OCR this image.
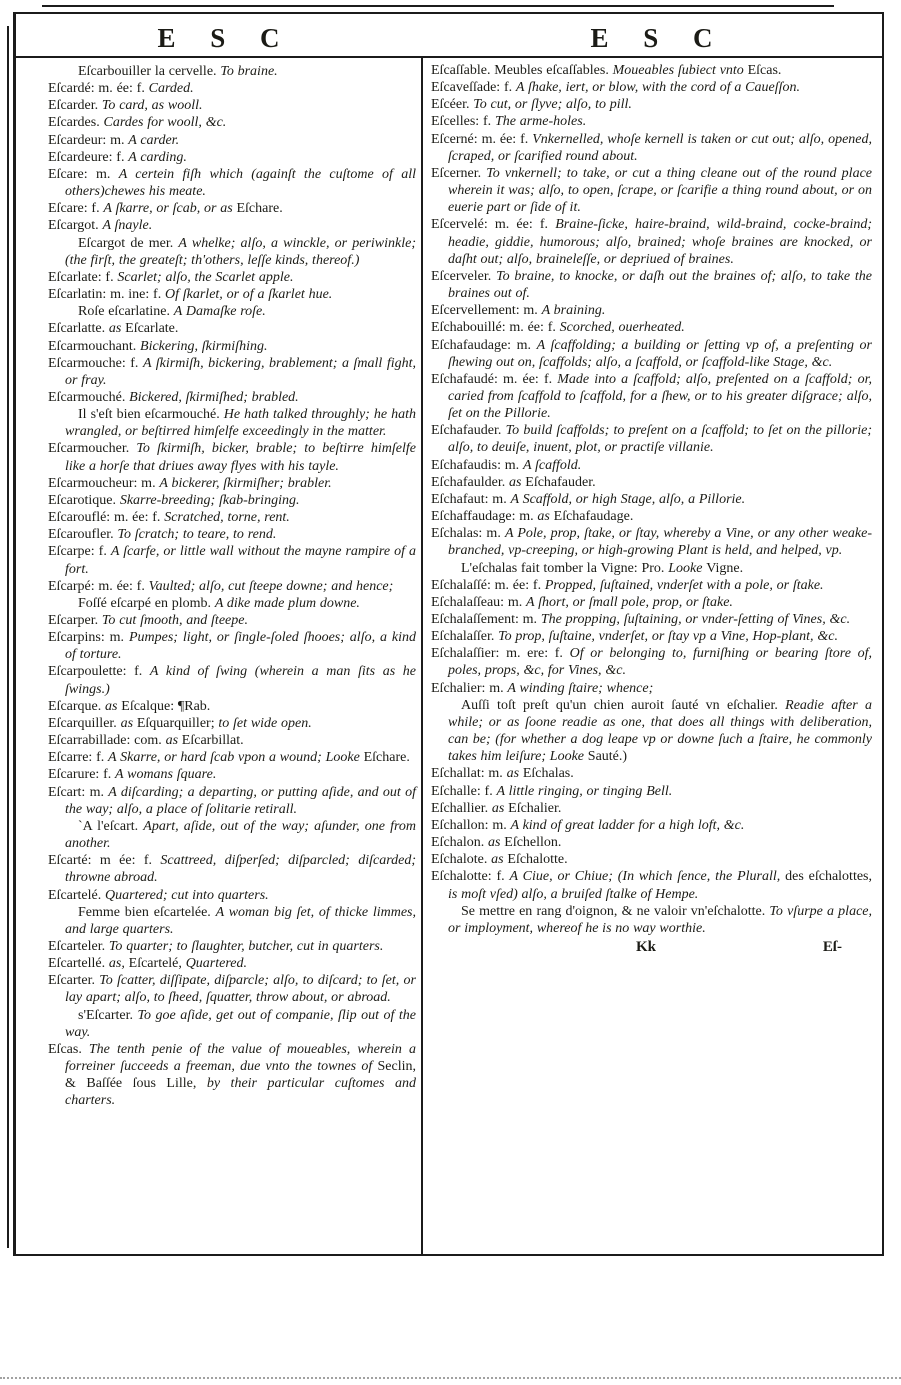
E S C	E S C

Eſcarbouiller la cervelle. To braine.

Eſcardé: m. ée: f. Carded.

Eſcarder. To card, as wooll.

Eſcardes. Cardes for wooll, &c.

Eſcardeur: m. A carder.

Eſcardeure: f. A carding.

Eſcare: m. A certein fiſh which (againſt the cuſtome of all others)chewes his meate.

Eſcare: f. A ſkarre, or ſcab, or as Eſchare.

Eſcargot. A ſnayle.

Eſcargot de mer. A whelke; alſo, a winckle, or periwinkle; (the firſt, the greateſt; th'others, leſſe kinds, thereof.)

Eſcarlate: f. Scarlet; alſo, the Scarlet apple.

Eſcarlatin: m. ine: f. Of ſkarlet, or of a ſkarlet hue.

Roſe eſcarlatine. A Damaſke roſe.

Eſcarlatte. as Eſcarlate.

Eſcarmouchant. Bickering, ſkirmiſhing.

Eſcarmouche: f. A ſkirmiſh, bickering, brablement; a ſmall fight, or fray.

Eſcarmouché. Bickered, ſkirmiſhed; brabled.

Il s'eſt bien eſcarmouché. He hath talked throughly; he hath wrangled, or beſtirred himſelfe exceedingly in the matter.

Eſcarmoucher. To ſkirmiſh, bicker, brable; to beſtirre himſelfe like a horſe that driues away flyes with his tayle.

Eſcarmoucheur: m. A bickerer, ſkirmiſher; brabler.

Eſcarotique. Skarre-breeding; ſkab-bringing.

Eſcarouflé: m. ée: f. Scratched, torne, rent.

Eſcaroufler. To ſcratch; to teare, to rend.

Eſcarpe: f. A ſcarfe, or little wall without the mayne rampire of a fort.

Eſcarpé: m. ée: f. Vaulted; alſo, cut ſteepe downe; and hence;

Foſſé eſcarpé en plomb. A dike made plum downe.

Eſcarper. To cut ſmooth, and ſteepe.

Eſcarpins: m. Pumpes; light, or ſingle-ſoled ſhooes; alſo, a kind of torture.

Eſcarpoulette: f. A kind of ſwing (wherein a man ſits as he ſwings.)

Eſcarque. as Eſcalque: ¶Rab.

Eſcarquiller. as Eſquarquiller; to ſet wide open.

Eſcarrabillade: com. as Eſcarbillat.

Eſcarre: f. A Skarre, or hard ſcab vpon a wound; Looke Eſchare.

Eſcarure: f. A womans ſquare.

Eſcart: m. A diſcarding; a departing, or putting aſide, and out of the way; alſo, a place of ſolitarie retirall.

`A l'eſcart. Apart, aſide, out of the way; aſunder, one from another.

Eſcarté: m ée: f. Scattreed, diſperſed; diſparcled; diſcarded; throwne abroad.

Eſcartelé. Quartered; cut into quarters.

Femme bien eſcartelée. A woman big ſet, of thicke limmes, and large quarters.

Eſcarteler. To quarter; to ſlaughter, butcher, cut in quarters.

Eſcartellé. as, Eſcartelé, Quartered.

Eſcarter. To ſcatter, diſſipate, diſparcle; alſo, to diſcard; to ſet, or lay apart; alſo, to ſheed, ſquatter, throw about, or abroad.

s'Eſcarter. To goe aſide, get out of companie, ſlip out of the way.

Eſcas. The tenth penie of the value of moueables, wherein a forreiner ſucceeds a freeman, due vnto the townes of Seclin, & Baſſée ſous Lille, by their particular cuſtomes and charters.

Eſcaſſable. Meubles eſcaſſables. Moueables ſubiect vnto Eſcas.

Eſcaveſſade: f. A ſhake, iert, or blow, with the cord of a Caueſſon.

Eſcéer. To cut, or ſlyve; alſo, to pill.

Eſcelles: f. The arme-holes.

Eſcerné: m. ée: f. Vnkernelled, whoſe kernell is taken or cut out; alſo, opened, ſcraped, or ſcarified round about.

Eſcerner. To vnkernell; to take, or cut a thing cleane out of the round place wherein it was; alſo, to open, ſcrape, or ſcarifie a thing round about, or on euerie part or ſide of it.

Eſcervelé: m. ée: f. Braine-ſicke, haire-braind, wild-braind, cocke-braind; headie, giddie, humorous; alſo, brained; whoſe braines are knocked, or daſht out; alſo, braineleſſe, or depriued of braines.

Eſcerveler. To braine, to knocke, or daſh out the braines of; alſo, to take the braines out of.

Eſcervellement: m. A braining.

Eſchabouillé: m. ée: f. Scorched, ouerheated.

Eſchafaudage: m. A ſcaffolding; a building or ſetting vp of, a preſenting or ſhewing out on, ſcaffolds; alſo, a ſcaffold, or ſcaffold-like Stage, &c.

Eſchafaudé: m. ée: f. Made into a ſcaffold; alſo, preſented on a ſcaffold; or, caried from ſcaffold to ſcaffold, for a ſhew, or to his greater diſgrace; alſo, ſet on the Pillorie.

Eſchafauder. To build ſcaffolds; to preſent on a ſcaffold; to ſet on the pillorie; alſo, to deuiſe, inuent, plot, or practiſe villanie.

Eſchafaudis: m. A ſcaffold.

Eſchafaulder. as Eſchafauder.

Eſchafaut: m. A Scaffold, or high Stage, alſo, a Pillorie.

Eſchaffaudage: m. as Eſchafaudage.

Eſchalas: m. A Pole, prop, ſtake, or ſtay, whereby a Vine, or any other weake-branched, vp-creeping, or high-growing Plant is held, and helped, vp.

L'eſchalas fait tomber la Vigne: Pro. Looke Vigne.

Eſchalaſſé: m. ée: f. Propped, ſuſtained, vnderſet with a pole, or ſtake.

Eſchalaſſeau: m. A ſhort, or ſmall pole, prop, or ſtake.

Eſchalaſſement: m. The propping, ſuſtaining, or vnder-ſetting of Vines, &c.

Eſchalaſſer. To prop, ſuſtaine, vnderſet, or ſtay vp a Vine, Hop-plant, &c.

Eſchalaſſier: m. ere: f. Of or belonging to, furniſhing or bearing ſtore of, poles, props, &c, for Vines, &c.

Eſchalier: m. A winding ſtaire; whence;

Auſſi toſt preſt qu'un chien auroit ſauté vn eſchalier. Readie after a while; or as ſoone readie as one, that does all things with deliberation, can be; (for whether a dog leape vp or downe ſuch a ſtaire, he commonly takes him leiſure; Looke Sauté.)

Eſchallat: m. as Eſchalas.

Eſchalle: f. A little ringing, or tinging Bell.

Eſchallier. as Eſchalier.

Eſchallon: m. A kind of great ladder for a high loft, &c.

Eſchalon. as Eſchellon.

Eſchalote. as Eſchalotte.

Eſchalotte: f. A Ciue, or Chiue; (In which ſence, the Plurall, des eſchalottes, is moſt vſed) alſo, a bruiſed ſtalke of Hempe.

Se mettre en rang d'oignon, & ne valoir vn'eſchalotte. To vſurpe a place, or imployment, whereof he is no way worthie.

Kk	Eſ-
